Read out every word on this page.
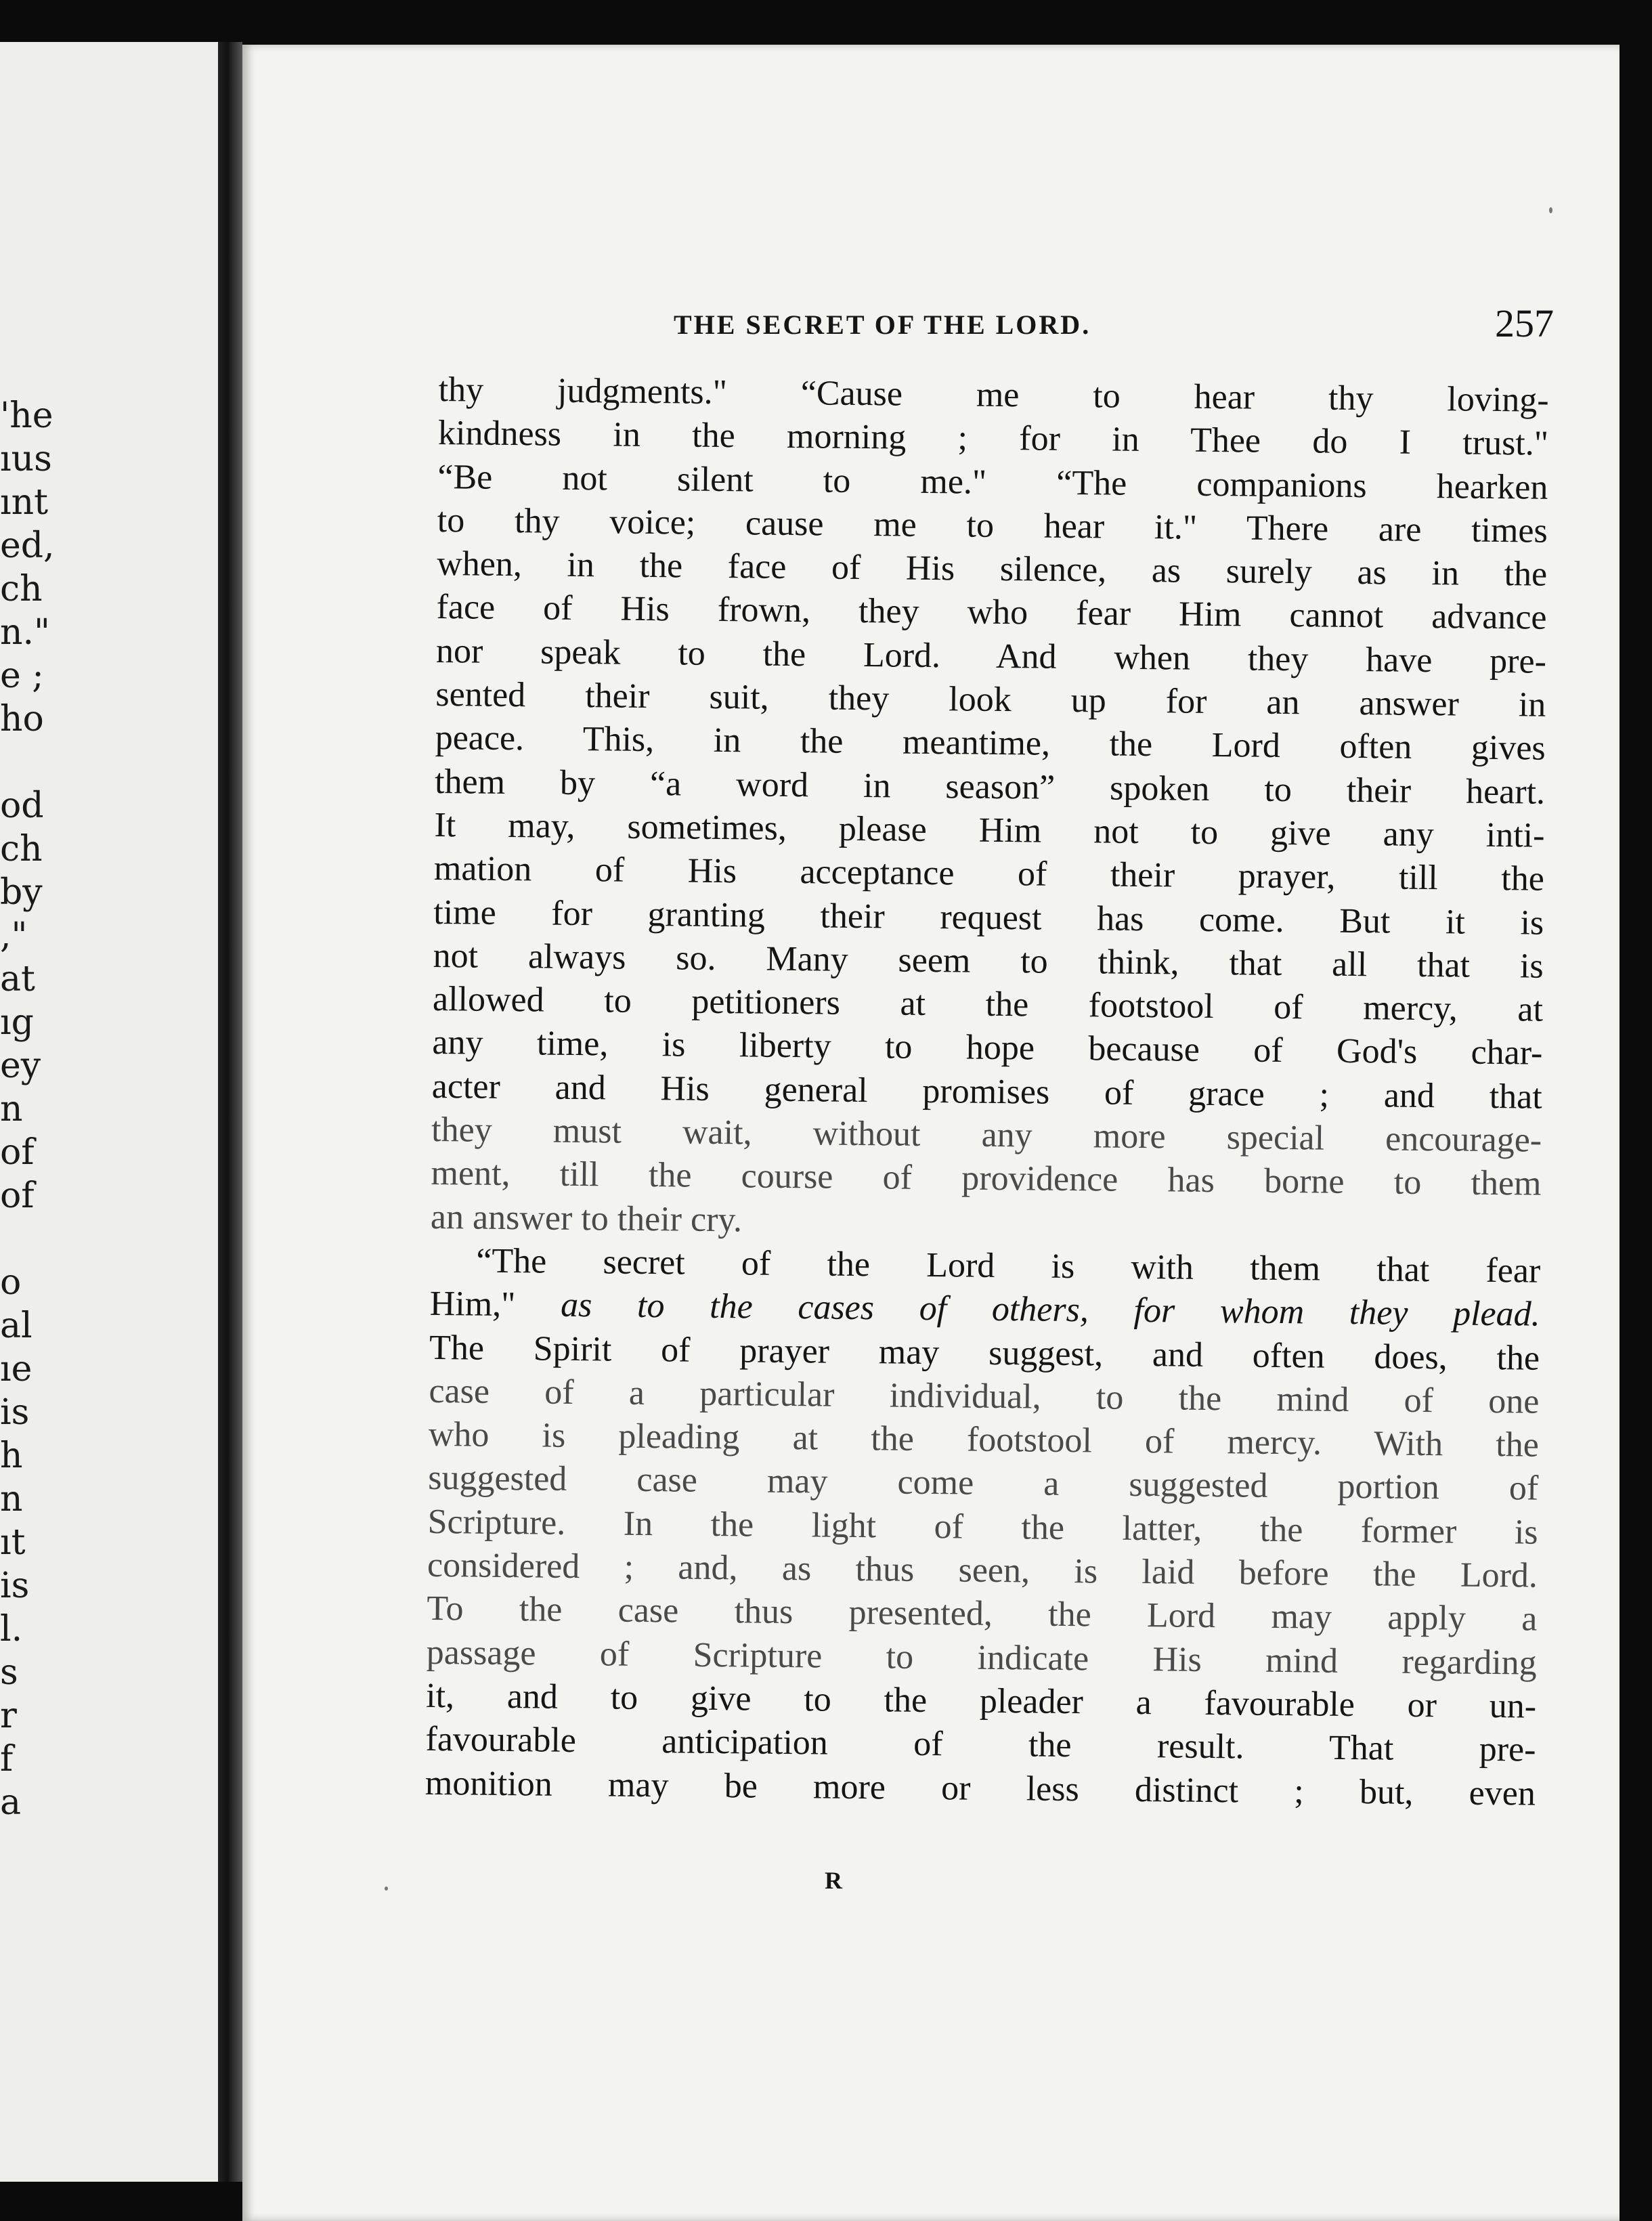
'he
ıus
ınt
ed,
ch
n."
e ;
ho
od
ch
by
,"
at
ıg
ey
n
of
of
o
al
ıe
is
h
n
ıt
is
l.
s
r
f
a
THE SECRET OF THE LORD.	257

thy judgments." “Cause me to hear thy loving-
kindness in the morning ; for in Thee do I trust."
“Be not silent to me." “The companions hearken
to thy voice; cause me to hear it." There are times
when, in the face of His silence, as surely as in the
face of His frown, they who fear Him cannot advance
nor speak to the Lord. And when they have pre-
sented their suit, they look up for an answer in
peace. This, in the meantime, the Lord often gives
them by “a word in season” spoken to their heart.
It may, sometimes, please Him not to give any inti-
mation of His acceptance of their prayer, till the
time for granting their request has come. But it is
not always so. Many seem to think, that all that is
allowed to petitioners at the footstool of mercy, at
any time, is liberty to hope because of God's char-
acter and His general promises of grace ; and that
they must wait, without any more special encourage-
ment, till the course of providence has borne to them
an answer to their cry.

“The secret of the Lord is with them that fear
Him," as to the cases of others, for whom they plead.
The Spirit of prayer may suggest, and often does, the
case of a particular individual, to the mind of one
who is pleading at the footstool of mercy. With the
suggested case may come a suggested portion of
Scripture. In the light of the latter, the former is
considered ; and, as thus seen, is laid before the Lord.
To the case thus presented, the Lord may apply a
passage of Scripture to indicate His mind regarding
it, and to give to the pleader a favourable or un-
favourable anticipation of the result. That pre-
monition may be more or less distinct ; but, even

R
